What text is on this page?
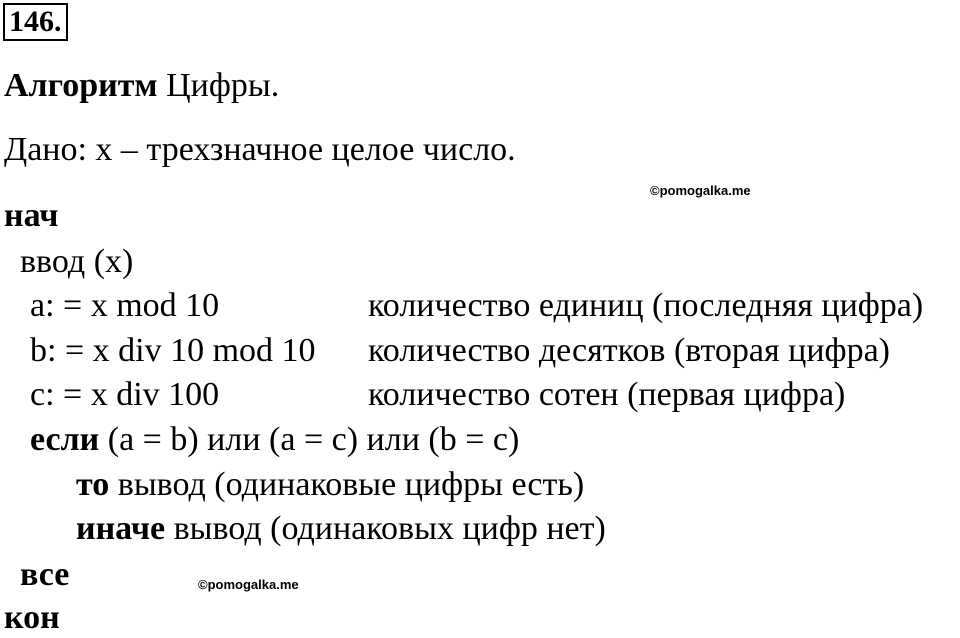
146.
Алгоритм Цифры.
Дано: x – трехзначное целое число.
©pomogalka.me
нач
ввод (x)
a: = x mod 10	количество единиц (последняя цифра)
b: = x div 10 mod 10 количество десятков (вторая цифра)
c: = x div 100	количество сотен (первая цифра)
если (a = b) или (a = c) или (b = c)
то вывод (одинаковые цифры есть)
иначе вывод (одинаковых цифр нет)
все	©pomogalka.me
кон
